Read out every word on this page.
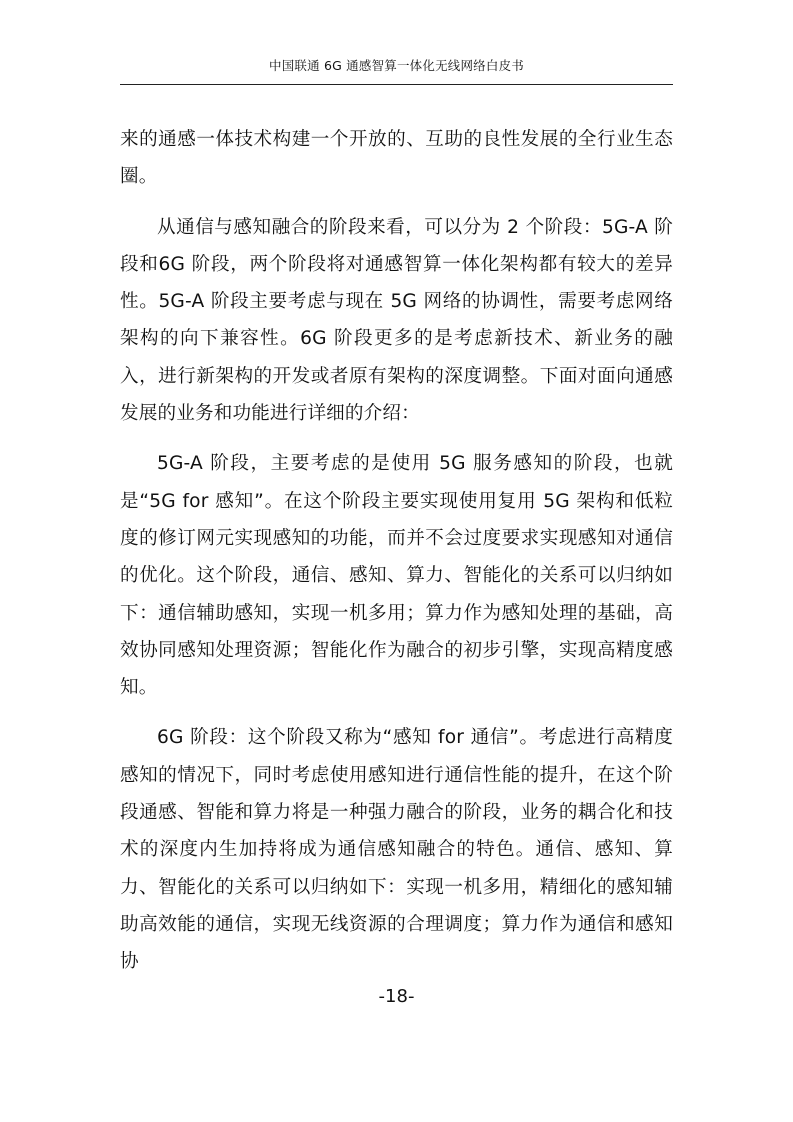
中国联通 6G 通感智算一体化无线网络白皮书

来的通感一体技术构建一个开放的、互助的良性发展的全行业生态圈。

从通信与感知融合的阶段来看，可以分为 2 个阶段：5G-A 阶段和6G 阶段，两个阶段将对通感智算一体化架构都有较大的差异性。5G-A 阶段主要考虑与现在 5G 网络的协调性，需要考虑网络架构的向下兼容性。6G 阶段更多的是考虑新技术、新业务的融入，进行新架构的开发或者原有架构的深度调整。下面对面向通感发展的业务和功能进行详细的介绍：

5G-A 阶段，主要考虑的是使用 5G 服务感知的阶段，也就是“5G for 感知”。在这个阶段主要实现使用复用 5G 架构和低粒度的修订网元实现感知的功能，而并不会过度要求实现感知对通信的优化。这个阶段，通信、感知、算力、智能化的关系可以归纳如下：通信辅助感知，实现一机多用；算力作为感知处理的基础，高效协同感知处理资源；智能化作为融合的初步引擎，实现高精度感知。

6G 阶段：这个阶段又称为“感知 for 通信”。考虑进行高精度感知的情况下，同时考虑使用感知进行通信性能的提升，在这个阶段通感、智能和算力将是一种强力融合的阶段，业务的耦合化和技术的深度内生加持将成为通信感知融合的特色。通信、感知、算力、智能化的关系可以归纳如下：实现一机多用，精细化的感知辅助高效能的通信，实现无线资源的合理调度；算力作为通信和感知协

-18-
